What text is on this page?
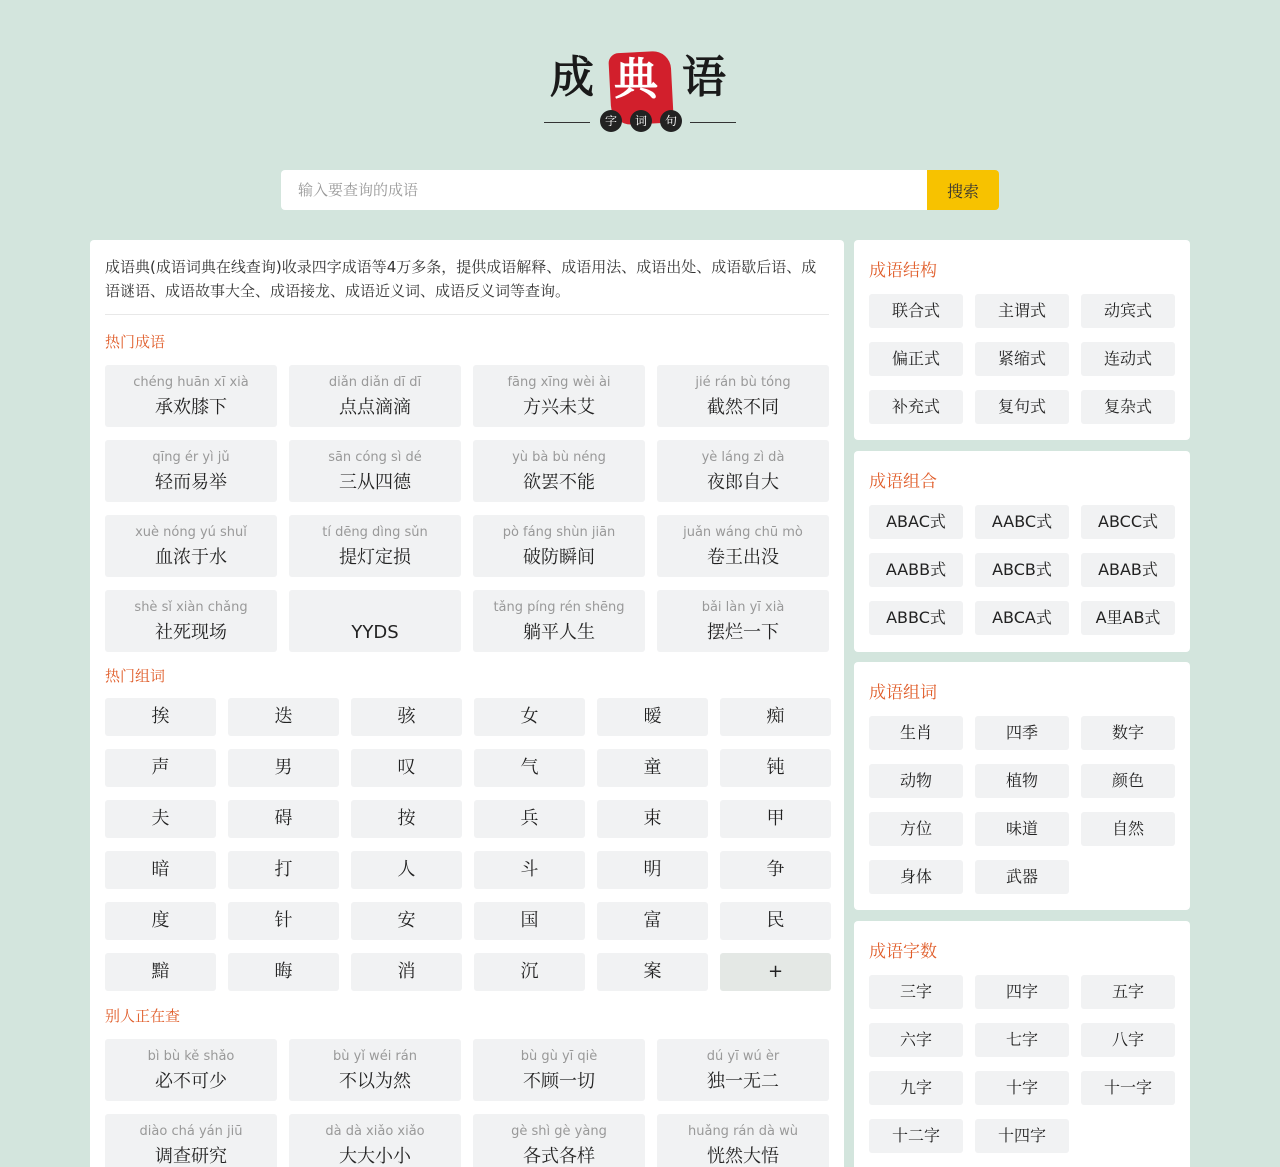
成 典 语
字	词	句
输入要查询的成语
搜索

成语典(成语词典在线查询)收录四字成语等4万多条，提供成语解释、成语用法、成语出处、成语歇后语、成语谜语、成语故事大全、成语接龙、成语近义词、成语反义词等查询。

热门成语
chéng huān xī xià
承欢膝下
diǎn diǎn dī dī
点点滴滴
fāng xīng wèi ài
方兴未艾
jié rán bù tóng
截然不同
qīng ér yì jǔ
轻而易举
sān cóng sì dé
三从四德
yù bà bù néng
欲罢不能
yè láng zì dà
夜郎自大
xuè nóng yú shuǐ
血浓于水
tí dēng dìng sǔn
提灯定损
pò fáng shùn jiān
破防瞬间
juǎn wáng chū mò
卷王出没
shè sǐ xiàn chǎng
社死现场	YYDS
tǎng píng rén shēng
躺平人生
bǎi làn yī xià
摆烂一下
热门组词
挨	迭	骇	女	暧	痴
声	男	叹	气	童	钝
夫	碍	按	兵	束	甲
暗	打	人	斗	明	争
度	针	安	国	富	民
黯	晦	消	沉	案	+
别人正在查
bì bù kě shǎo
必不可少
bù yǐ wéi rán
不以为然
bù gù yī qiè
不顾一切
dú yī wú èr
独一无二
diào chá yán jiū
调查研究
dà dà xiǎo xiǎo
大大小小
gè shì gè yàng
各式各样
huǎng rán dà wù
恍然大悟
成语结构
联合式	主谓式	动宾式
偏正式	紧缩式	连动式
补充式	复句式	复杂式
成语组合
ABAC式	AABC式	ABCC式
AABB式	ABCB式	ABAB式
ABBC式	ABCA式	A里AB式
成语组词
生肖	四季	数字
动物	植物	颜色
方位	味道	自然
身体	武器
成语字数
三字	四字	五字
六字	七字	八字
九字	十字	十一字
十二字	十四字
